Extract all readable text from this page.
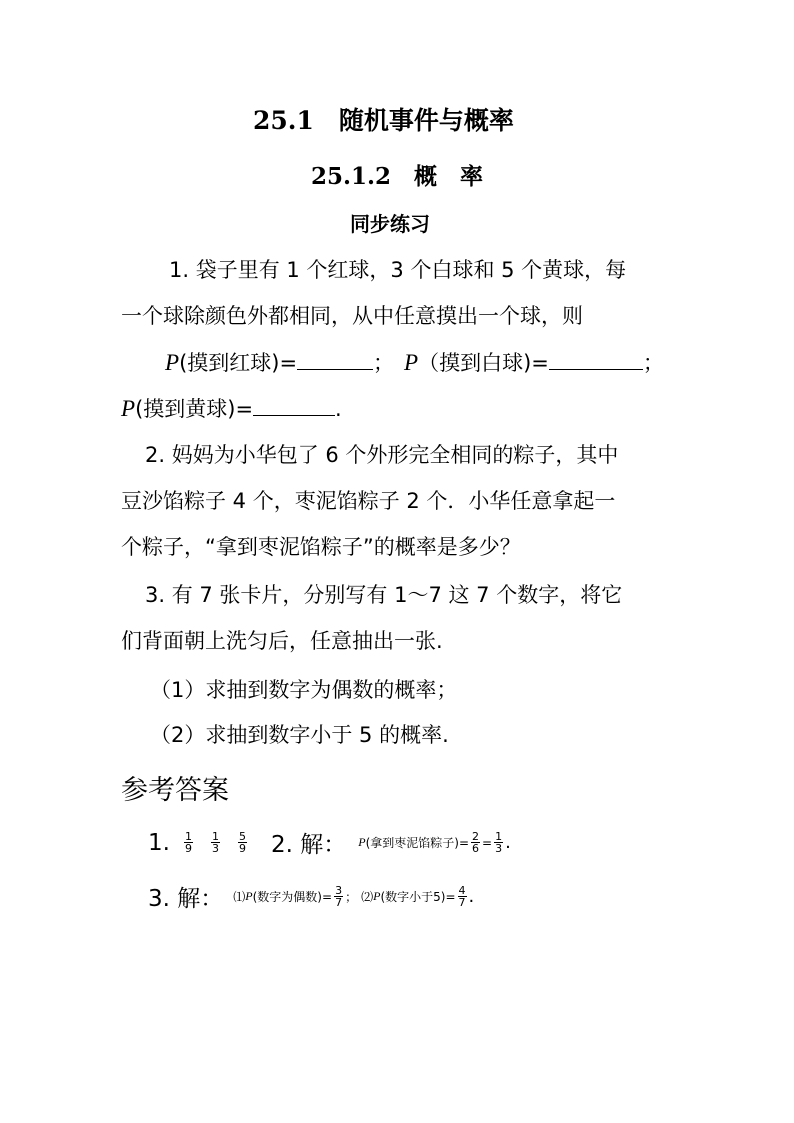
25.1　随机事件与概率
25.1.2　概　率
同步练习
1. 袋子里有 1 个红球，3 个白球和 5 个黄球，每
一个球除颜色外都相同，从中任意摸出一个球，则
P(摸到红球)=	； P（摸到白球)=	；
P(摸到黄球)=	.
2. 妈妈为小华包了 6 个外形完全相同的粽子，其中
豆沙馅粽子 4 个，枣泥馅粽子 2 个．小华任意拿起一
个粽子，“拿到枣泥馅粽子”的概率是多少？
3. 有 7 张卡片，分别写有 1～7 这 7 个数字，将它
们背面朝上洗匀后，任意抽出一张.
（1）求抽到数字为偶数的概率；
（2）求抽到数字小于 5 的概率.
参考答案
1. $\frac{1}{9} \frac{1}{3} \frac{5}{9} 2$. 解： P (拿到枣泥馅粽子) = $\frac{2}{6} = \frac{1}{3}$ .
3. 解： ⑴ P (数字为偶数) = $\frac{3}{7}$ ； ⑵ P (数字小于$5) = \frac{4}{7}$ .
